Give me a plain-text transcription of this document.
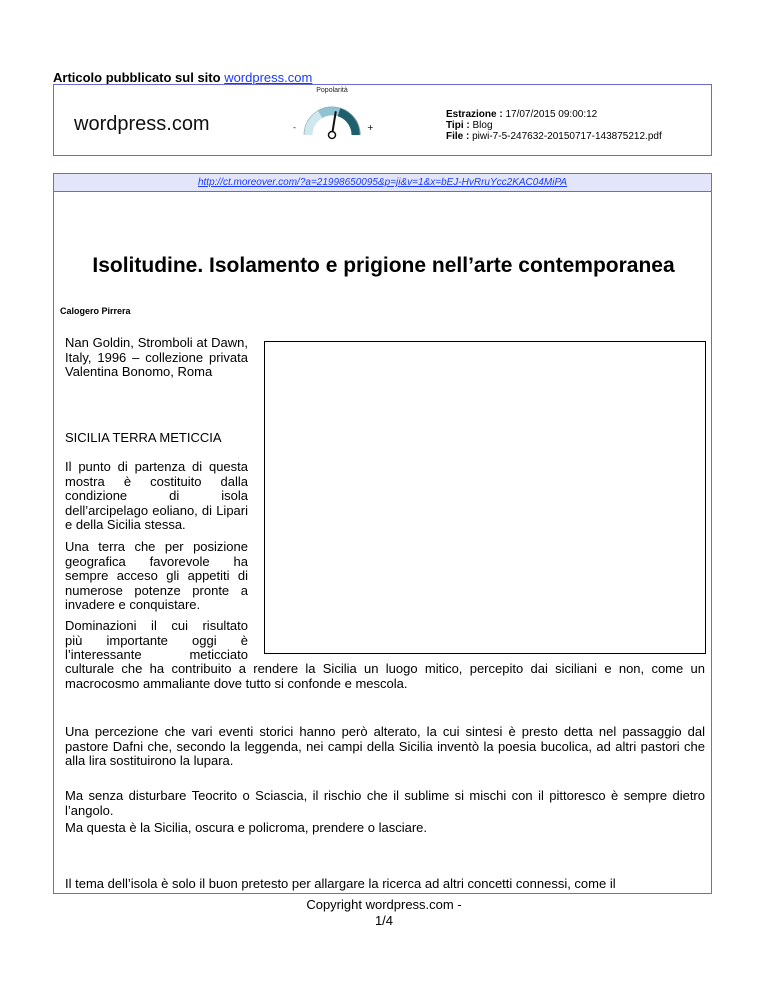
Articolo pubblicato sul sito wordpress.com
wordpress.com
Popolarità
-	+
Estrazione : 17/07/2015 09:00:12
Tipi : Blog
File : piwi-7-5-247632-20150717-143875212.pdf
http://ct.moreover.com/?a=21998650095&p=ji&v=1&x=bEJ-HvRruYcc2KAC04MiPA
Isolitudine. Isolamento e prigione nell’arte contemporanea
Calogero Pirrera
Nan Goldin, Stromboli at Dawn, Italy, 1996 – collezione privata Valentina Bonomo, Roma
SICILIA TERRA METICCIA
Il punto di partenza di questa mostra è costituito dalla condizione di isola dell’arcipelago eoliano, di Lipari e della Sicilia stessa.
Una terra che per posizione geografica favorevole ha sempre acceso gli appetiti di numerose potenze pronte a invadere e conquistare.
Dominazioni il cui risultato
più importante oggi è
l’interessante meticciato
culturale che ha contribuito a rendere la Sicilia un luogo mitico, percepito dai siciliani e non, come un macrocosmo ammaliante dove tutto si confonde e mescola.
Una percezione che vari eventi storici hanno però alterato, la cui sintesi è presto detta nel passaggio dal pastore Dafni che, secondo la leggenda, nei campi della Sicilia inventò la poesia bucolica, ad altri pastori che alla lira sostituirono la lupara.
Ma senza disturbare Teocrito o Sciascia, il rischio che il sublime si mischi con il pittoresco è sempre dietro l’angolo.
Ma questa è la Sicilia, oscura e policroma, prendere o lasciare.
Il tema dell’isola è solo il buon pretesto per allargare la ricerca ad altri concetti connessi, come il
Copyright wordpress.com -
1/4
